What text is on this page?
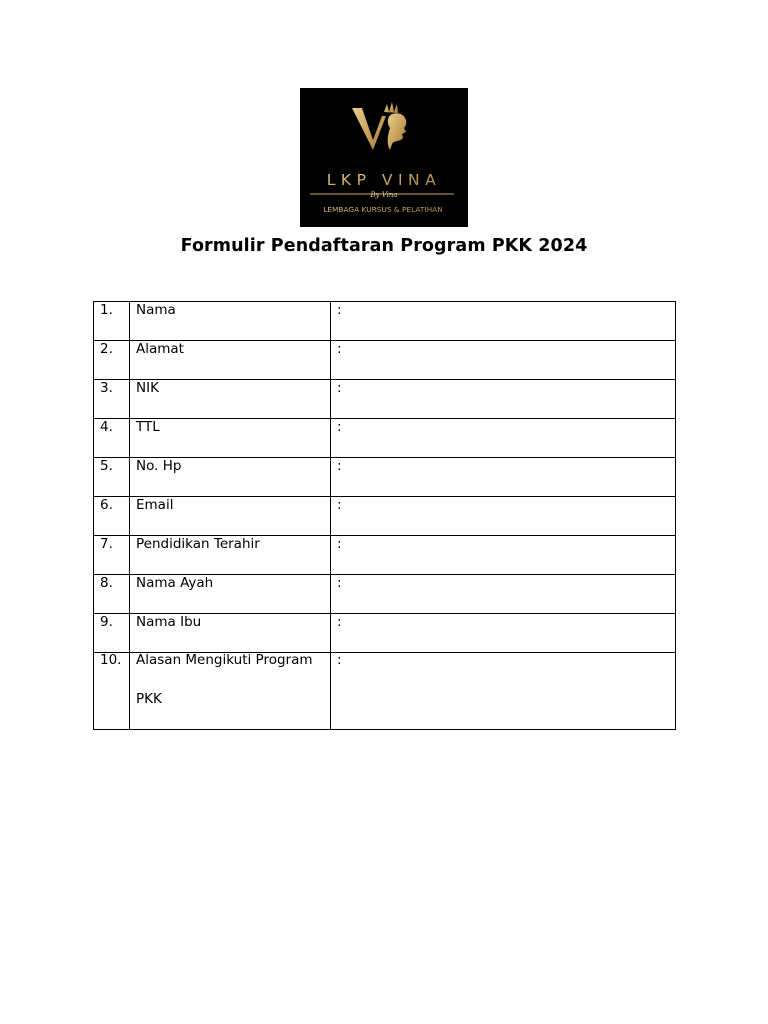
LKP VINA
By Vina
LEMBAGA KURSUS & PELATIHAN
Formulir Pendaftaran Program PKK 2024
1.	Nama	:

2.	Alamat	:

3.	NIK	:

4.	TTL	:

5.	No. Hp	:

6.	Email	:

7.	Pendidikan Terahir	:

8.	Nama Ayah	:

9.	Nama Ibu	:

10.	Alasan Mengikuti Program PKK	:
